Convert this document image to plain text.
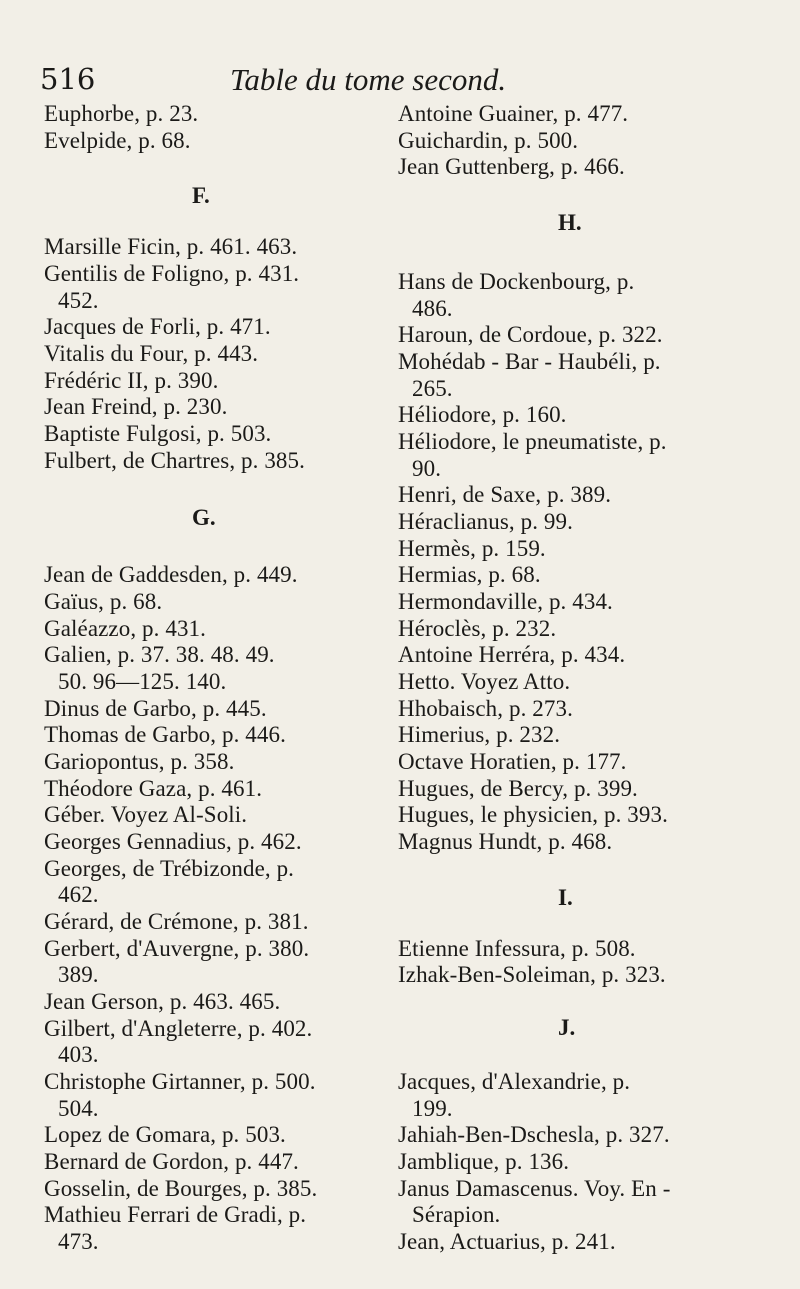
516	Table du tome second.
Euphorbe, p. 23.
Evelpide, p. 68.
F.
Marsille Ficin, p. 461. 463.
Gentilis de Foligno, p. 431.
452.
Jacques de Forli, p. 471.
Vitalis du Four, p. 443.
Frédéric II, p. 390.
Jean Freind, p. 230.
Baptiste Fulgosi, p. 503.
Fulbert, de Chartres, p. 385.
G.
Jean de Gaddesden, p. 449.
Gaïus, p. 68.
Galéazzo, p. 431.
Galien, p. 37. 38. 48. 49.
50. 96—125. 140.
Dinus de Garbo, p. 445.
Thomas de Garbo, p. 446.
Gariopontus, p. 358.
Théodore Gaza, p. 461.
Géber. Voyez Al-Soli.
Georges Gennadius, p. 462.
Georges, de Trébizonde, p.
462.
Gérard, de Crémone, p. 381.
Gerbert, d'Auvergne, p. 380.
389.
Jean Gerson, p. 463. 465.
Gilbert, d'Angleterre, p. 402.
403.
Christophe Girtanner, p. 500.
504.
Lopez de Gomara, p. 503.
Bernard de Gordon, p. 447.
Gosselin, de Bourges, p. 385.
Mathieu Ferrari de Gradi, p.
473.
Antoine Guainer, p. 477.
Guichardin, p. 500.
Jean Guttenberg, p. 466.
H.
Hans de Dockenbourg, p.
486.
Haroun, de Cordoue, p. 322.
Mohédab - Bar - Haubéli, p.
265.
Héliodore, p. 160.
Héliodore, le pneumatiste, p.
90.
Henri, de Saxe, p. 389.
Héraclianus, p. 99.
Hermès, p. 159.
Hermias, p. 68.
Hermondaville, p. 434.
Héroclès, p. 232.
Antoine Herréra, p. 434.
Hetto. Voyez Atto.
Hhobaisch, p. 273.
Himerius, p. 232.
Octave Horatien, p. 177.
Hugues, de Bercy, p. 399.
Hugues, le physicien, p. 393.
Magnus Hundt, p. 468.
I.
Etienne Infessura, p. 508.
Izhak-Ben-Soleiman, p. 323.
J.
Jacques, d'Alexandrie, p.
199.
Jahiah-Ben-Dschesla, p. 327.
Jamblique, p. 136.
Janus Damascenus. Voy. En -
Sérapion.
Jean, Actuarius, p. 241.
